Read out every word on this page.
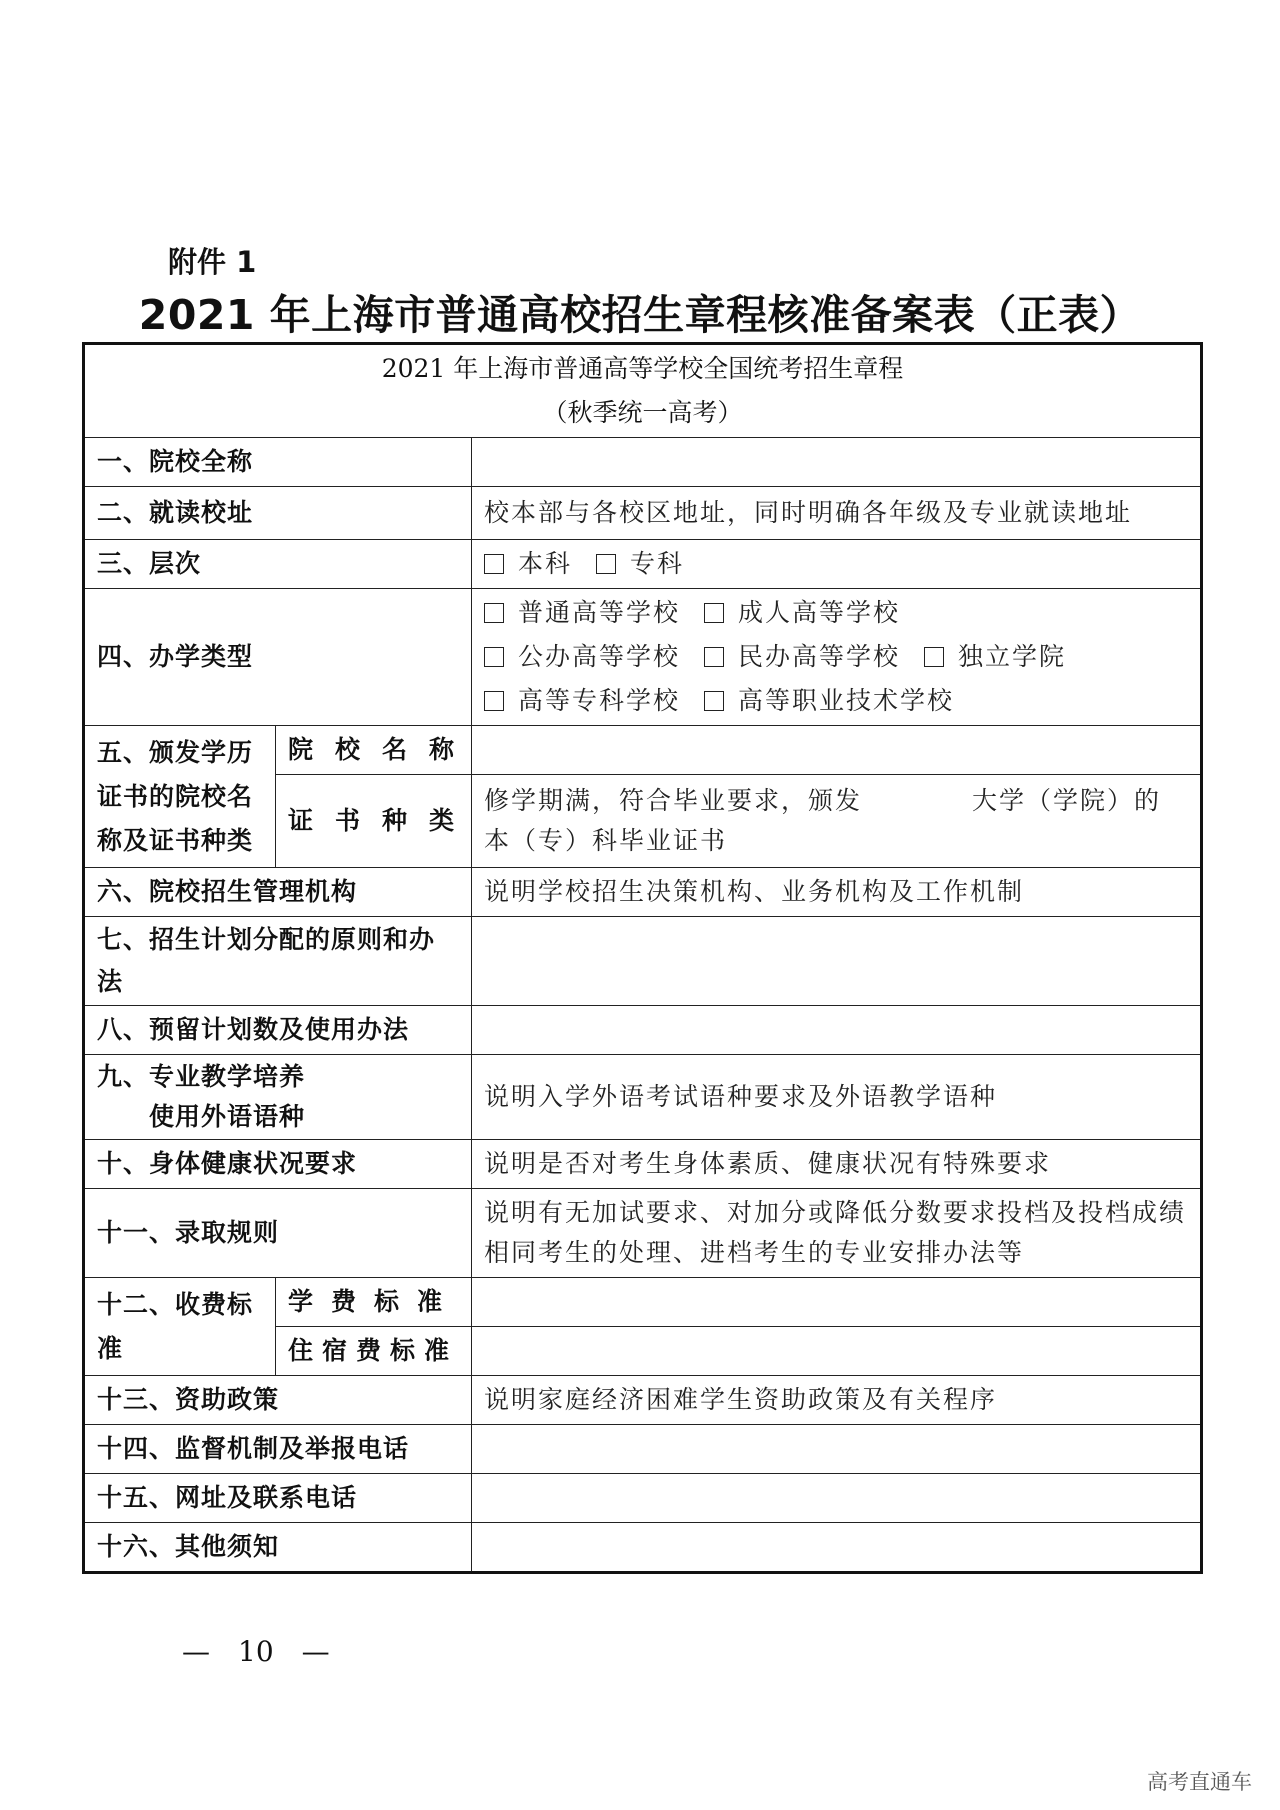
附件 1
2021 年上海市普通高校招生章程核准备案表（正表）
2021 年上海市普通高等学校全国统考招生章程
（秋季统一高考）		

一、院校全称		
二、就读校址		校本部与各校区地址，同时明确各年级及专业就读地址
三、层次		本科 专科
四、办学类型		普通高等学校 成人高等学校
公办高等学校 民办高等学校 独立学院
高等专科学校 高等职业技术学校

五、颁发学历证书的院校名称及证书种类	院校名称	
	证书种类	修学期满，符合毕业要求，颁发 大学（学院）的本（专）科毕业证书
六、院校招生管理机构		说明学校招生决策机构、业务机构及工作机制
七、招生计划分配的原则和办法		
八、预留计划数及使用办法		

九、专业教学培养
使用外语语种		说明入学外语考试语种要求及外语教学语种
十、身体健康状况要求		说明是否对考生身体素质、健康状况有特殊要求
十一、录取规则		说明有无加试要求、对加分或降低分数要求投档及投档成绩相同考生的处理、进档考生的专业安排办法等
十二、收费标准	学费标准	
	住宿费标准	
十三、资助政策		说明家庭经济困难学生资助政策及有关程序
十四、监督机制及举报电话		
十五、网址及联系电话		
十六、其他须知		
— 10 —
高考直通车
